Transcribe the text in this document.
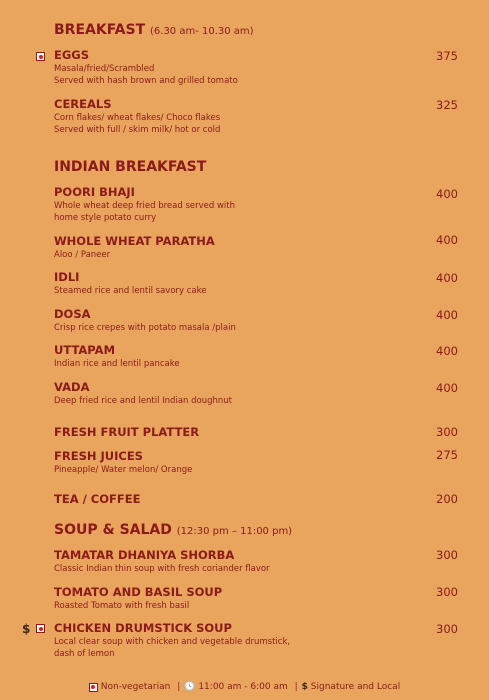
BREAKFAST (6.30 am- 10.30 am)
EGGS
Masala/fried/Scrambled
Served with hash brown and grilled tomato
375
CEREALS
Corn flakes/ wheat flakes/ Choco flakes
Served with full / skim milk/ hot or cold
325
INDIAN BREAKFAST
POORI BHAJI
Whole wheat deep fried bread served with
home style potato curry
400
WHOLE WHEAT PARATHA
Aloo / Paneer
400
IDLI
Steamed rice and lentil savory cake
400
DOSA
Crisp rice crepes with potato masala /plain
400
UTTAPAM
Indian rice and lentil pancake
400
VADA
Deep fried rice and lentil Indian doughnut
400
FRESH FRUIT PLATTER	300
FRESH JUICES
Pineapple/ Water melon/ Orange
275
TEA / COFFEE	200
SOUP & SALAD (12:30 pm – 11:00 pm)
TAMATAR DHANIYA SHORBA
Classic Indian thin soup with fresh coriander flavor
300
TOMATO AND BASIL SOUP
Roasted Tomato with fresh basil
300
$ CHICKEN DRUMSTICK SOUP
Local clear soup with chicken and vegetable drumstick,
dash of lemon
300
Non-vegetarian | 🕓 11:00 am - 6:00 am | $ Signature and Local
